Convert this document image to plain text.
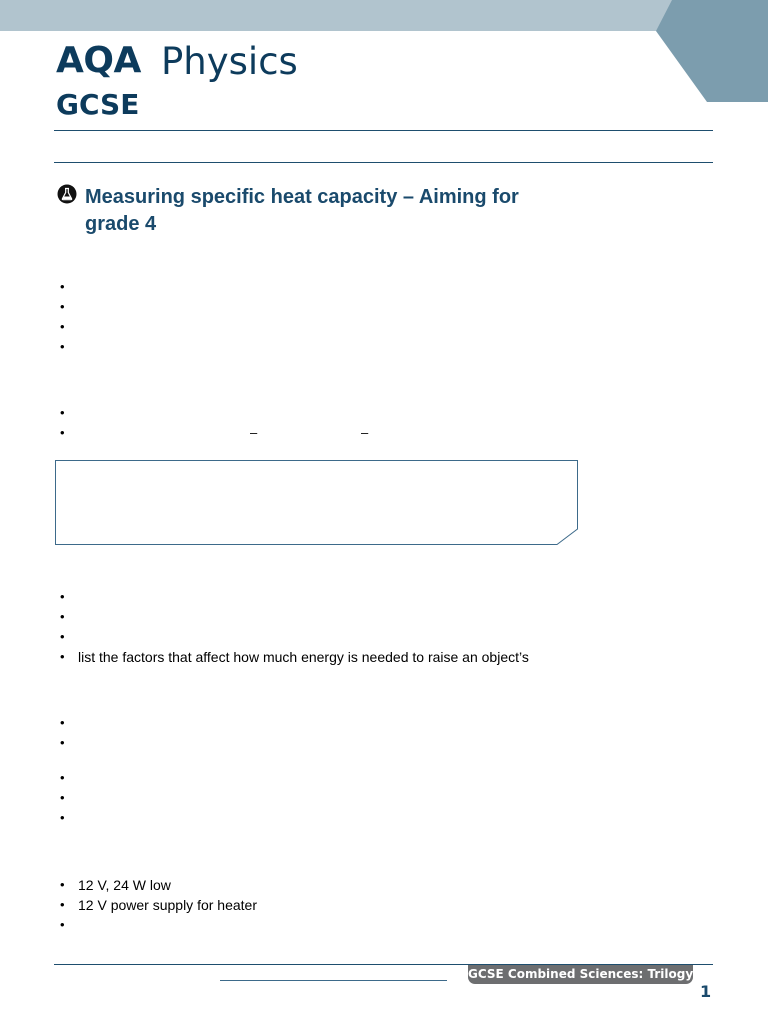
AQA Physics
GCSE
Measuring specific heat capacity – Aiming for grade 4
•
•
•
•
•
• –	–
•
•
•
• list the factors that affect how much energy is needed to raise an object’s
•
•
•
•
•
• 12 V, 24 W low
• 12 V power supply for heater
•
GCSE Combined Sciences: Trilogy
1
